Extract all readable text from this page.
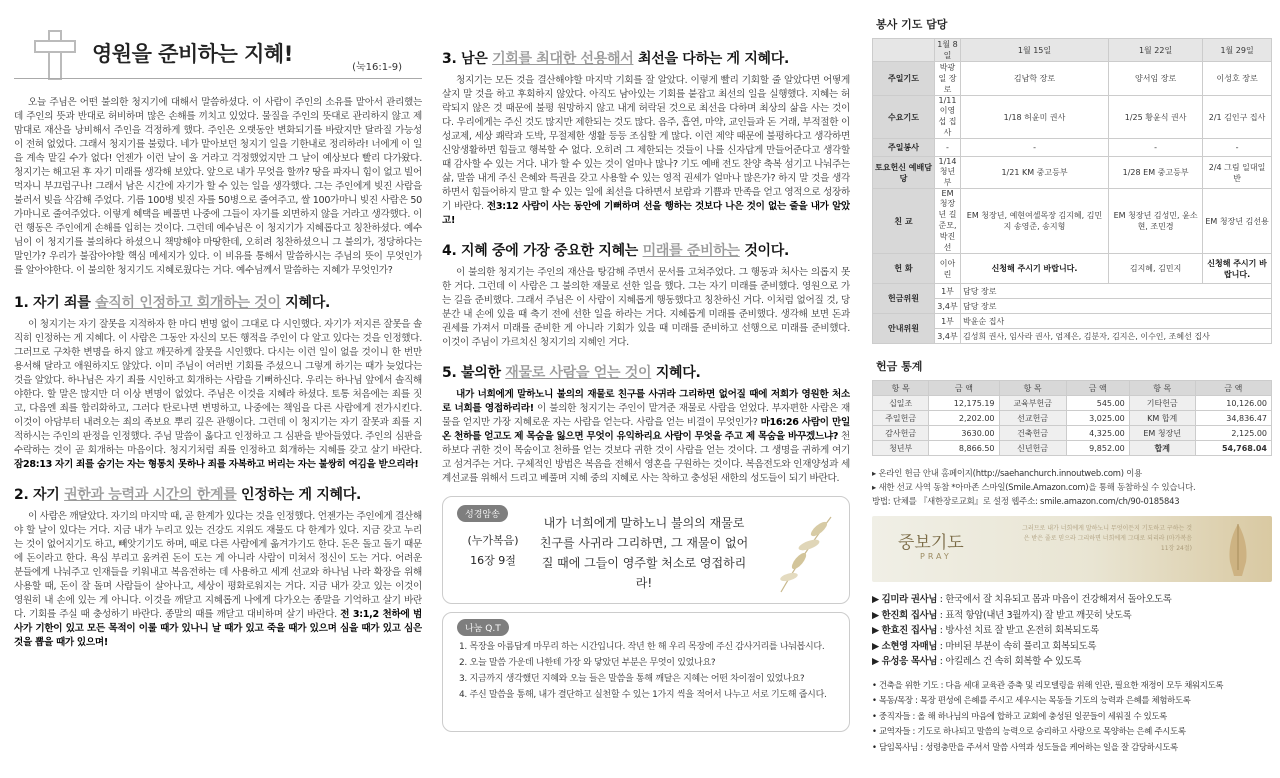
영원을 준비하는 지혜!
(눅16:1-9)

오늘 주님은 어떤 불의한 청지기에 대해서 말씀하셨다. 이 사람이 주인의 소유를 맡아서 관리했는데 주인의 뜻과 반대로 허비하며 많은 손해를 끼치고 있었다. 물질을 주인의 뜻대로 관리하지 않고 제 맘대로 재산을 낭비해서 주인을 걱정하게 했다. 주인은 오랫동안 변화되기를 바랐지만 달라질 가능성이 전혀 없었다. 그래서 청지기를 불렀다. 네가 맡아보던 청지기 일을 기한내로 정리하라! 너에게 이 일을 계속 맡길 수가 없다! 언젠가 이런 날이 올 거라고 걱정했었지만 그 날이 예상보다 빨리 다가왔다. 청지기는 해고된 후 자기 미래를 생각해 보았다. 앞으로 내가 무엇을 할까? 땅을 파자니 힘이 없고 빌어먹자니 부끄럽구나! 그래서 남은 시간에 자기가 할 수 있는 일을 생각했다. 그는 주인에게 빚진 사람을 불러서 빚을 삭감해 주었다. 기름 100병 빚진 자를 50병으로 줄여주고, 쌀 100가마니 빚진 사람은 50가마니로 줄여주었다. 이렇게 혜택을 베풀면 나중에 그들이 자기를 외면하지 않을 거라고 생각했다. 이런 행동은 주인에게 손해를 입히는 것이다. 그런데 예수님은 이 청지기가 지혜롭다고 칭찬하셨다. 예수님이 이 청지기를 불의하다 하셨으니 책망해야 마땅한데, 오히려 칭찬하셨으니 그 불의가, 정당하다는 말인가? 우리가 불잡아야할 핵심 메세지가 있다. 이 비유를 통해서 말씀하시는 주님의 뜻이 무엇인가를 알아야한다. 이 불의한 청지기도 지혜로웠다는 거다. 예수님께서 말씀하는 지혜가 무엇인가?

1. 자기 죄를 솔직히 인정하고 회개하는 것이 지혜다.

이 청지기는 자기 잘못을 지적하자 한 마디 변명 없이 그대로 다 시인했다. 자기가 저지른 잘못을 솔직히 인정하는 게 지혜다. 이 사람은 그동안 자신의 모든 행적을 주인이 다 알고 있다는 것을 인정했다. 그러므로 구차한 변명을 하지 않고 깨끗하게 잘못을 시인했다. 다시는 이런 일이 없을 것이니 한 번만 용서해 달라고 애원하지도 않았다. 이미 주님이 여러번 기회를 주셨으니 그렇게 하기는 때가 늦었다는 것을 알았다. 하나님은 자기 죄를 시인하고 회개하는 사람을 기뻐하신다. 우리는 하나님 앞에서 솔직해야한다. 할 말은 많지만 더 이상 변명이 없었다. 주님은 이것을 지혜라 하셨다. 토통 처음에는 죄를 짓고, 다음엔 죄를 합리화하고, 그러다 탄로나면 변명하고, 나중에는 책임을 다른 사람에게 전가시킨다. 이것이 아담부터 내려오는 죄의 족보요 뿌리 깊은 관행이다. 그런데 이 청지기는 자기 잘못과 죄를 지적하시는 주인의 판정을 인정했다. 주님 말씀이 옳다고 인정하고 그 심판을 받아들였다. 주인의 심판을 수락하는 것이 곧 회개하는 마음이다. 청지기처럼 죄를 인정하고 회개하는 지혜를 갖고 살기 바란다. 잠28:13 자기 죄를 숨기는 자는 형통치 못하나 죄를 자복하고 버리는 자는 불쌍히 여김을 받으리라!

2. 자기 권한과 능력과 시간의 한계를 인정하는 게 지혜다.

이 사람은 깨달았다. 자기의 마지막 때, 곧 한계가 있다는 것을 인정했다. 언젠가는 주인에게 결산해야 할 날이 있다는 거다. 지금 내가 누리고 있는 건강도 지위도 재물도 다 한계가 있다. 지금 갖고 누리는 것이 없어지기도 하고, 빼앗기기도 하며, 때로 다른 사람에게 옮겨가기도 한다. 돈은 돌고 돌기 때문에 돈이라고 한다. 욕심 부리고 움켜쥔 돈이 도는 게 아니라 사람이 미쳐서 정신이 도는 거다. 어려운 분들에게 나눠주고 인재들을 키워내고 복음전하는 데 사용하고 세계 선교와 하나님 나라 확장을 위해 사용할 때, 돈이 잘 돌며 사람들이 살아나고, 세상이 평화로워지는 거다. 지금 내가 갖고 있는 이것이 영원히 내 손에 있는 게 아니다. 이것을 깨닫고 지혜롭게 나에게 다가오는 종말을 기억하고 살기 바란다. 기회를 주실 때 충성하기 바란다. 종말의 때를 깨닫고 대비하며 살기 바란다. 전 3:1,2 천하에 범사가 기한이 있고 모든 목적이 이룰 때가 있나니 날 때가 있고 죽을 때가 있으며 심을 때가 있고 심은 것을 뽑을 때가 있으며!

3. 남은 기회를 최대한 선용해서 최선을 다하는 게 지혜다.

청지기는 모든 것을 결산해야할 마지막 기회를 잘 알았다. 이렇게 빨리 기회할 줄 알았다면 어떻게 살지 말 것을 하고 후회하지 않았다. 아직도 남아있는 기회를 붙잡고 최선의 일을 실행했다. 지혜는 허락되지 않은 것 때문에 불평 원망하지 않고 내게 허락된 것으로 최선을 다하며 최상의 삶을 사는 것이다. 우리에게는 주신 것도 많지만 제한되는 것도 많다. 음주, 흡연, 마약, 교인들과 돈 거래, 부적절한 이성교제, 세상 쾌락과 도박, 무절제한 생활 등등 조심할 게 많다. 이런 제약 때문에 불평하다고 생각하면 신앙생활하면 힘들고 행복할 수 없다. 오히려 그 제한되는 것들이 나를 신자답게 만들어준다고 생각할 때 감사할 수 있는 거다. 내가 할 수 있는 것이 얼마나 많나? 기도 예배 전도 찬양 축복 섬기고 나눠주는 삶, 말씀 내게 주신 은혜와 특권을 갖고 사용할 수 있는 영적 권세가 얼마나 많은가? 하지 말 것을 생각하면서 힘들어하지 말고 할 수 있는 일에 최선을 다하면서 보람과 기쁨과 만족을 얻고 영적으로 성장하기 바란다. 전3:12 사람이 사는 동안에 기뻐하며 선을 행하는 것보다 나은 것이 없는 줄을 내가 알았고!

4. 지혜 중에 가장 중요한 지혜는 미래를 준비하는 것이다.

이 불의한 청지기는 주인의 재산을 탕감해 주면서 문서를 고쳐주었다. 그 행동과 처사는 의롭지 못한 거다. 그런데 이 사람은 그 불의한 재물로 선한 일을 했다. 그는 자기 미래를 준비했다. 영원으로 가는 길을 준비했다. 그래서 주님은 이 사람이 지혜롭게 행동했다고 칭찬하신 거다. 이처럼 없어질 것, 당분간 내 손에 있을 때 축기 전에 선한 일을 하라는 거다. 지혜롭게 미래를 준비했다. 생각해 보면 돈과 권세를 가져서 미래를 준비한 게 아니라 기회가 있을 때 미래를 준비하고 선행으로 미래를 준비했다. 이것이 주님이 가르치신 청지기의 지혜인 거다.

5. 불의한 재물로 사람을 얻는 것이 지혜다.

내가 너희에게 말하노니 불의의 재물로 친구를 사귀라 그리하면 없어질 때에 저희가 영원한 처소로 너희를 영접하리라! 이 불의한 청지기는 주인이 맡겨준 재물로 사람을 얻었다. 부자편한 사람은 재물을 얻지만 가장 지혜로운 자는 사람을 얻는다. 사람을 얻는 비결이 무엇인가? 마16:26 사람이 만일 온 천하를 얻고도 제 목숨을 잃으면 무엇이 유익하리요 사람이 무엇을 주고 제 목숨을 바꾸겠느냐? 천하보다 귀한 것이 목숨이고 천하를 얻는 것보다 귀한 것이 사람을 얻는 것이다. 그 생명을 귀하게 여기고 섬겨주는 거다. 구체적인 방법은 복음을 전해서 영혼을 구원하는 것이다. 복음전도와 인재양성과 세계선교를 위해서 드리고 베풀며 지혜 중의 지혜로 사는 착하고 충성된 새한의 성도들이 되기 바란다.

성경암송
(누가복음)
16장 9절
내가 너희에게 말하노니 불의의 재물로 친구를 사귀라 그리하면, 그 재물이 없어질 때에 그들이 영주할 처소로 영접하리라!
나눔 Q.T
1. 목장을 아름답게 마무리 하는 시간입니다. 작년 한 해 우리 목장에 주신 감사거리를 나눠봅시다.
2. 오늘 말씀 가운데 나한테 가장 와 닿았던 부분은 무엇이 있었나요?
3. 지금까지 생각했던 지혜와 오늘 들은 말씀을 통해 깨달은 지혜는 어떤 차이점이 있었나요?
4. 주신 말씀을 통해, 내가 결단하고 실천할 수 있는 1가지 씩을 적어서 나누고 서로 기도해 줍시다.
봉사 기도 담당
	1월 8일	1월 15일	1월 22일	1월 29일
주일기도	박광일 장로	김남학 장로	양서임 장로	이성호 장로
수요기도	1/11 이영섭 집사	1/18 허윤미 권사	1/25 황윤식 권사	2/1 김인구 집사
주일봉사	-	-	-	-
토요헌신 예배담당	1/14 청년부	1/21 KM 중고등부	1/28 EM 중고등부	2/4 그림 일대일반
친 교	EM 청장년 길준모,박진선	EM 청장년, 예현여셀목장 김지혜, 김민지 송영준, 송지형	EM 청장년 김성민, 윤소현, 조민경	EM 청장년 김선용
헌 화	이아린	신청해 주시기 바랍니다.	김지혜, 김민지	신청해 주시기 바랍니다.
헌금위원	1부	담당 장로		
	3,4부	담당 장로		
안내위원	1부	박윤순 집사		
	3,4부	김성희 권사, 임사라 권사, 엄제은, 김분자, 김지은, 이수인, 조혜선 집사		
헌금 통계
항 목	금 액	항 목	금 액	항 목	금 액
십일조	12,175.19	교육부헌금	545.00	기타헌금	10,126.00
주일헌금	2,202.00	선교헌금	3,025.00	KM 합계	34,836.47
감사헌금	3630.00	건축헌금	4,325.00	EM 청장년	2,125.00
청년부	8,866.50	신년헌금	9,852.00	합계	54,768.04
▸ 온라인 헌금 안내 홈페이지(http://saehanchurch.innoutweb.com) 이용
▸ 새한 선교 사역 동참 *아마존 스마일(Smile.Amazon.com)을 통해 동참하실 수 있습니다.
방법: 단체를 『새한장로교회』로 설정 웹주소: smile.amazon.com/ch/90-0185843
중보기도
PRAY
그러므로 내가 너희에게 말하노니 무엇이든지 기도하고 구하는 것은 받은 줄로 믿으라 그리하면 너희에게 그대로 되리라 (마가복음 11장 24절)
▶ 김미라 권사님 : 한국에서 잘 치유되고 몸과 마음이 건강해져서 돌아오도록
▶ 한진희 집사님 : 표적 항암(내년 3월까지) 잘 받고 깨끗히 낫도록
▶ 한효진 집사님 : 방사선 치료 잘 받고 온전히 회복되도록
▶ 소현영 자매님 : 마비된 부분이 속히 풀리고 회복되도록
▶ 유성응 목사님 : 아킬레스 건 속히 회복할 수 있도록
• 건축을 위한 기도 : 다음 세대 교육관 증축 및 리모델링을 위해 인관, 필요한 재정이 모두 채워지도록
• 목동/목장 : 목장 편성에 은혜를 주시고 세우시는 목동들 기도의 능력과 은혜를 체험하도록
• 중직자들 : 올 해 하나님의 마음에 합하고 교회에 충성된 일꾼들이 세워질 수 있도록
• 교역자들 : 기도로 하나되고 말씀의 능력으로 승리하고 사랑으로 목양하는 은혜 주시도록
• 담임목사님 : 성령충만을 주셔서 말씀 사역과 성도들을 케어하는 일을 잘 감당하시도록
